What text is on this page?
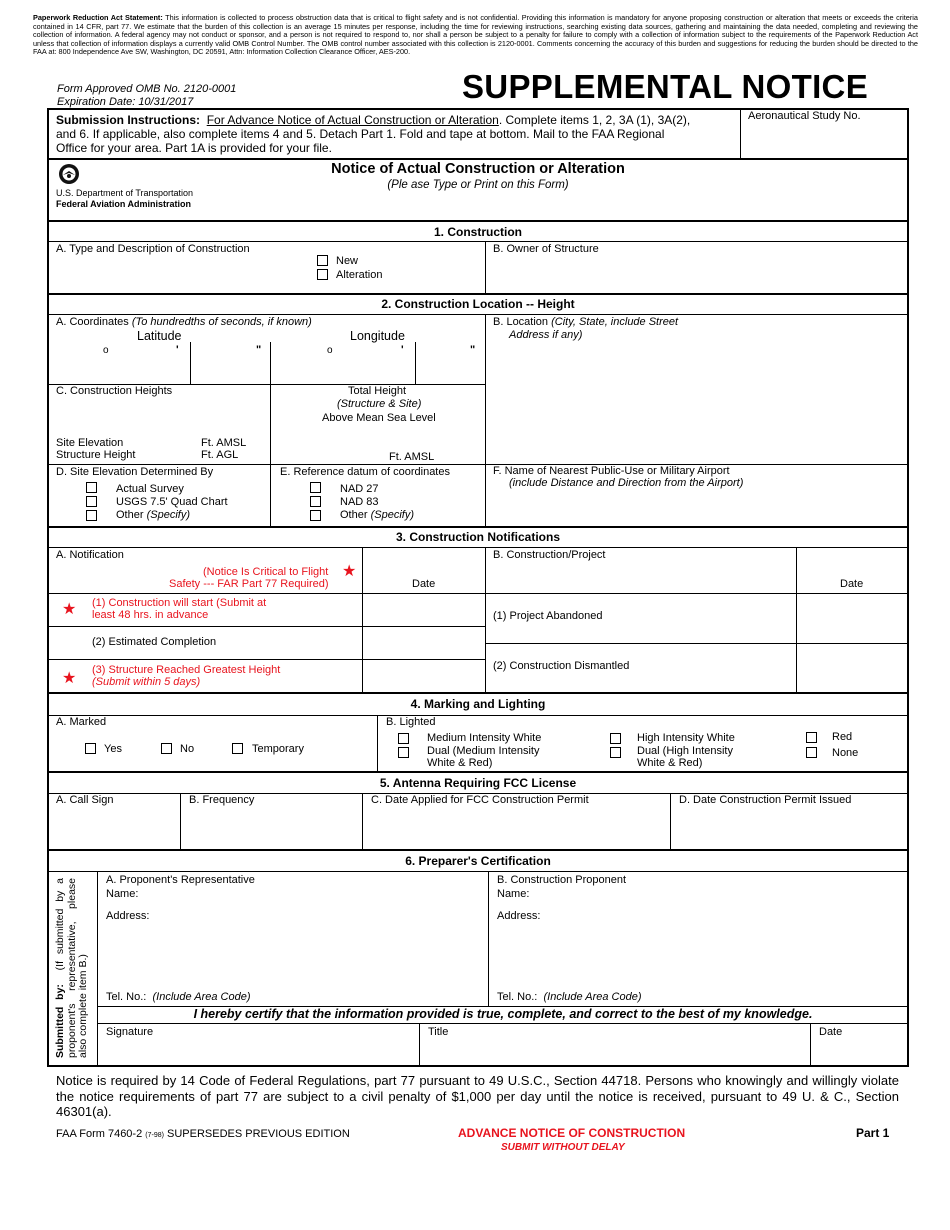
Paperwork Reduction Act Statement: This information is collected to process obstruction data that is critical to flight safety and is not confidential. Providing this information is mandatory for anyone proposing construction or alteration that meets or exceeds the criteria contained in 14 CFR, part 77. We estimate that the burden of this collection is an average 15 minutes per response, including the time for reviewing instructions, searching existing data sources, gathering and maintaining the data needed, completing and reviewing the collection of information. A federal agency may not conduct or sponsor, and a person is not required to respond to, nor shall a person be subject to a penalty for failure to comply with a collection of information subject to the requirements of the Paperwork Reduction Act unless that collection of information displays a currently valid OMB Control Number. The OMB control number associated with this collection is 2120-0001. Comments concerning the accuracy of this burden and suggestions for reducing the burden should be directed to the FAA at: 800 Independence Ave SW, Washington, DC 20591, Attn: Information Collection Clearance Officer, AES-200.
Form Approved OMB No. 2120-0001
Expiration Date: 10/31/2017	SUPPLEMENTAL NOTICE
Submission Instructions: For Advance Notice of Actual Construction or Alteration. Complete items 1, 2, 3A (1), 3A(2),
and 6. If applicable, also complete items 4 and 5. Detach Part 1. Fold and tape at bottom. Mail to the FAA Regional
Office for your area. Part 1A is provided for your file.
Aeronautical Study No.
U.S. Department of Transportation
Federal Aviation Administration
Notice of Actual Construction or Alteration
(Ple ase Type or Print on this Form)
1. Construction
A. Type and Description of Construction
New
Alteration
B. Owner of Structure
2. Construction Location -- Height
A. Coordinates (To hundredths of seconds, if known)
Latitude	Longitude
o	'	"	o	'	"
B. Location (City, State, include Street
Address if any)
C. Construction Heights	Total Height
(Structure & Site)
Above Mean Sea Level
Site Elevation	Ft. AMSL
Structure Height	Ft. AGL	Ft. AMSL
D. Site Elevation Determined By
Actual Survey
USGS 7.5' Quad Chart
Other (Specify)
E. Reference datum of coordinates
NAD 27
NAD 83
Other (Specify)
F. Name of Nearest Public-Use or Military Airport
(include Distance and Direction from the Airport)
3. Construction Notifications
A. Notification
(Notice Is Critical to Flight
Safety --- FAR Part 77 Required)
★
Date
B. Construction/Project
Date
★ (1) Construction will start (Submit at
least 48 hrs. in advance
(2) Estimated Completion
★ (3) Structure Reached Greatest Height
(Submit within 5 days)
(1) Project Abandoned
(2) Construction Dismantled
4. Marking and Lighting
A. Marked
Yes	No	Temporary
B. Lighted
Medium Intensity White
Dual (Medium Intensity
White & Red)
High Intensity White
Dual (High Intensity
White & Red)
Red
None
5. Antenna Requiring FCC License
A. Call Sign	B. Frequency	C. Date Applied for FCC Construction Permit	D. Date Construction Permit Issued
6. Preparer's Certification
Submitted by:  (If submitted by a proponent's representative, please also complete item B.)
A. Proponent's Representative
Name:
Address:
Tel. No.: (Include Area Code)
B. Construction Proponent
Name:
Address:
Tel. No.: (Include Area Code)
I hereby certify that the information provided is true, complete, and correct to the best of my knowledge.
Signature	Title	Date
Notice is required by 14 Code of Federal Regulations, part 77 pursuant to 49 U.S.C., Section 44718. Persons who knowingly and willingly violate the notice requirements of part 77 are subject to a civil penalty of $1,000 per day until the notice is received, pursuant to 49 U. & C., Section 46301(a).
FAA Form 7460-2 (7-98) SUPERSEDES PREVIOUS EDITION	ADVANCE NOTICE OF CONSTRUCTION
SUBMIT WITHOUT DELAY
Part 1
